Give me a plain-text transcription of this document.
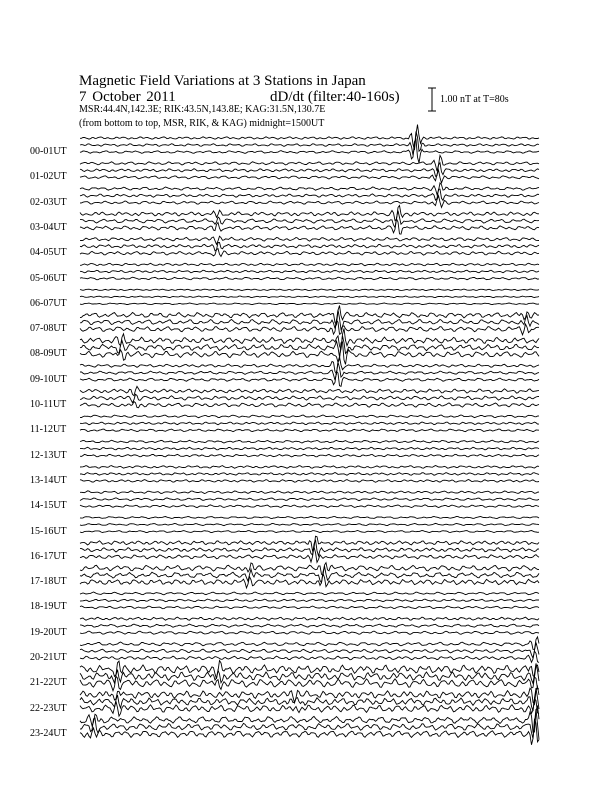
Magnetic Field Variations at 3 Stations in Japan
7 October 2011	dD/dt (filter:40-160s)
MSR:44.4N,142.3E; RIK:43.5N,143.8E; KAG:31.5N,130.7E
(from bottom to top, MSR, RIK, & KAG) midnight=1500UT
1.00 nT at T=80s
00-01UT
01-02UT
02-03UT
03-04UT
04-05UT
05-06UT
06-07UT
07-08UT
08-09UT
09-10UT
10-11UT
11-12UT
12-13UT
13-14UT
14-15UT
15-16UT
16-17UT
17-18UT
18-19UT
19-20UT
20-21UT
21-22UT
22-23UT
23-24UT
